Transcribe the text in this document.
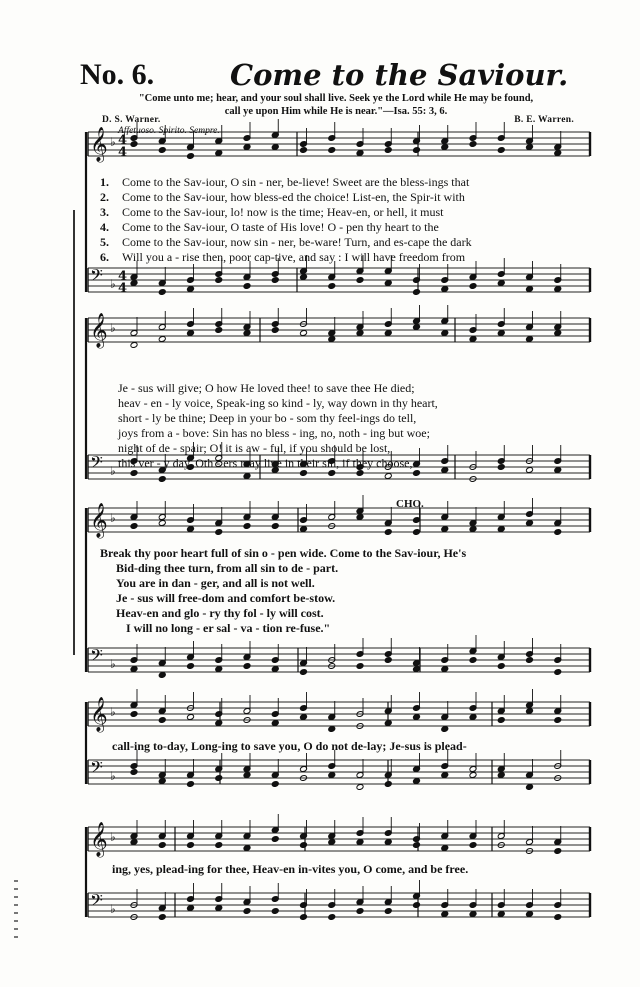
𝄞 ♭
𝄢 ♭
𝄞 ♭
𝄢 ♭
𝄞 ♭
𝄢 ♭
𝄞 ♭
𝄢 ♭
𝄞 ♭
𝄢 ♭
4
4
4
4
No. 6.	Come to the Saviour.
"Come unto me; hear, and your soul shall live. Seek ye the Lord while He may be found,
call ye upon Him while He is near."—Isa. 55: 3, 6.
D. S. Warner.	B. E. Warren.
Affetuoso. Spirito. Sempre.
CHO.
1. Come to the Sav-iour, O sin - ner, be-lieve! Sweet are the bless-ings that
2. Come to the Sav-iour, how bless-ed the choice! List-en, the Spir-it with
3. Come to the Sav-iour, lo! now is the time; Heav-en, or hell, it must
4. Come to the Sav-iour, O taste of His love! O - pen thy heart to the
5. Come to the Sav-iour, now sin - ner, be-ware! Turn, and es-cape the dark
6. Will you a - rise then, poor cap-tive, and say : I will have freedom from
Je - sus will give; O how He loved thee! to save thee He died;
heav - en - ly voice, Speak-ing so kind - ly, way down in thy heart,
short - ly be thine; Deep in your bo - som thy feel-ings do tell,
joys from a - bove: Sin has no bless - ing, no, noth - ing but woe;
night of de - spair; O! it is aw - ful, if you should be lost,
this ver - y day, Oth - ers may live in their sin, if they choose,
Break thy poor heart full of sin o - pen wide. Come to the Sav-iour, He's
Bid-ding thee turn, from all sin to de - part.
You are in dan - ger, and all is not well.
Je - sus will free-dom and comfort be-stow.
Heav-en and glo - ry thy fol - ly will cost.
I will no long - er sal - va - tion re-fuse."
call-ing to-day, Long-ing to save you, O do not de-lay; Je-sus is plead-
ing, yes, plead-ing for thee, Heav-en in-vites you, O come, and be free.
